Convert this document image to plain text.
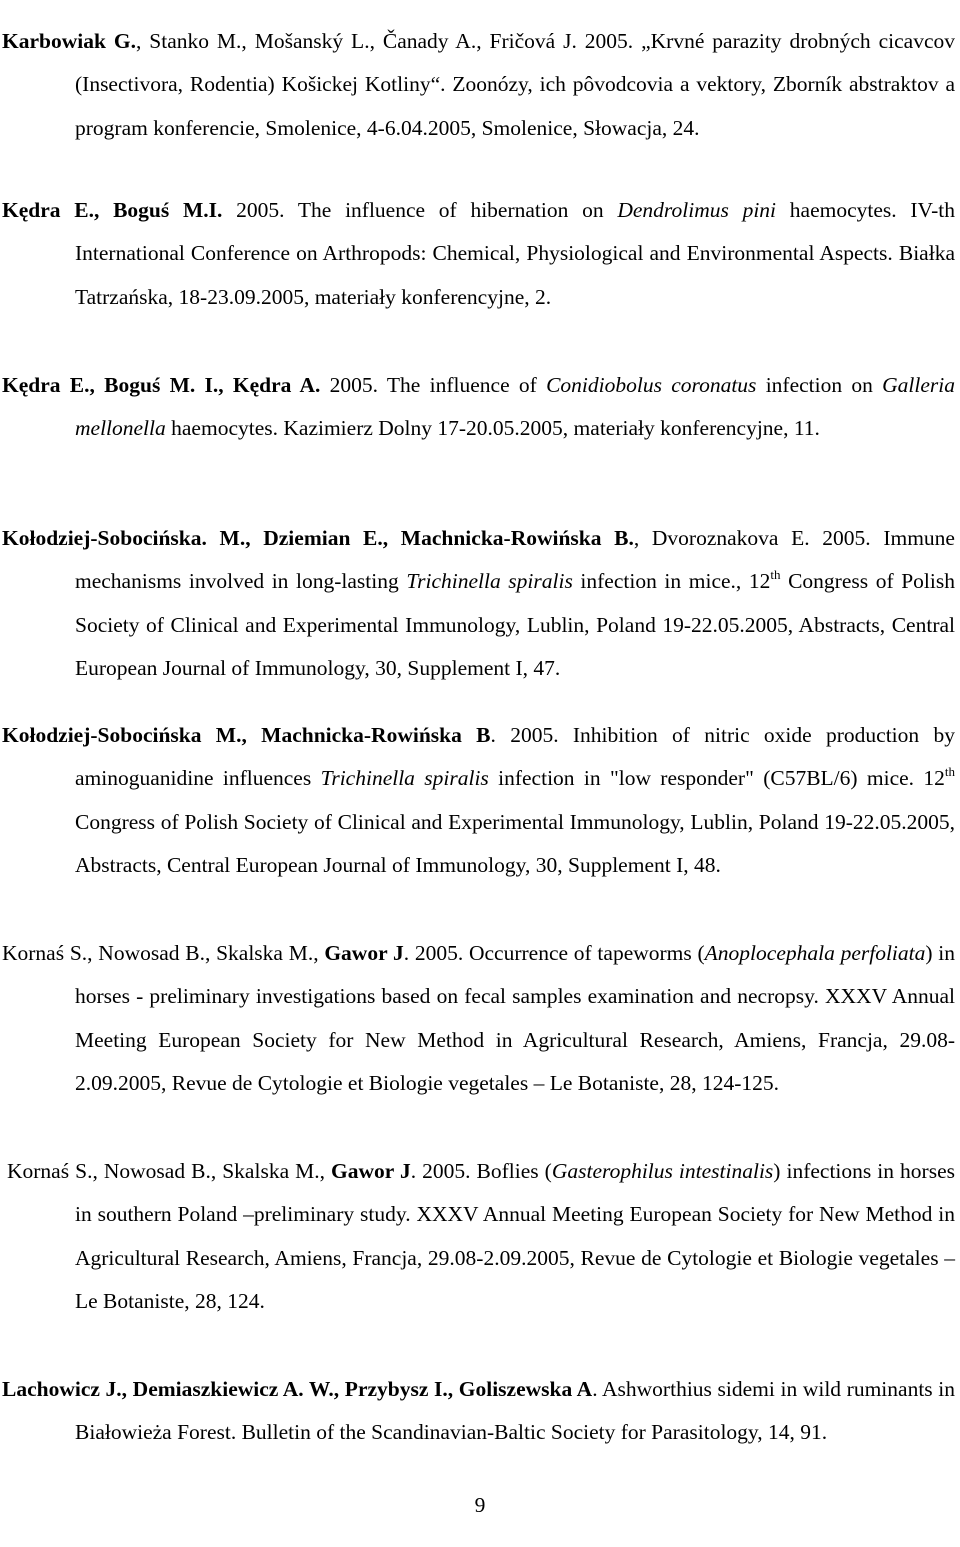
Karbowiak G., Stanko M., Mošanský L., Čanady A., Fričová J. 2005. „Krvné parazity drobných cicavcov (Insectivora, Rodentia) Košickej Kotliny“. Zoonózy, ich pôvodcovia a vektory, Zborník abstraktov a program konferencie, Smolenice, 4-6.04.2005, Smolenice, Słowacja, 24.

Kędra E., Boguś M.I. 2005. The influence of hibernation on Dendrolimus pini haemocytes. IV-th International Conference on Arthropods: Chemical, Physiological and Environmental Aspects. Białka Tatrzańska, 18-23.09.2005, materiały konferencyjne, 2.

Kędra E., Boguś M. I., Kędra A. 2005. The influence of Conidiobolus coronatus infection on Galleria mellonella haemocytes. Kazimierz Dolny 17-20.05.2005, materiały konferencyjne, 11.

Kołodziej-Sobocińska. M., Dziemian E., Machnicka-Rowińska B., Dvoroznakova E. 2005. Immune mechanisms involved in long-lasting Trichinella spiralis infection in mice., 12th Congress of Polish Society of Clinical and Experimental Immunology, Lublin, Poland 19-22.05.2005, Abstracts, Central European Journal of Immunology, 30, Supplement I, 47.

Kołodziej-Sobocińska M., Machnicka-Rowińska B. 2005. Inhibition of nitric oxide production by aminoguanidine influences Trichinella spiralis infection in "low responder" (C57BL/6) mice. 12th Congress of Polish Society of Clinical and Experimental Immunology, Lublin, Poland 19-22.05.2005, Abstracts, Central European Journal of Immunology, 30, Supplement I, 48.

Kornaś S., Nowosad B., Skalska M., Gawor J. 2005. Occurrence of tapeworms (Anoplocephala perfoliata) in horses - preliminary investigations based on fecal samples examination and necropsy. XXXV Annual Meeting European Society for New Method in Agricultural Research, Amiens, Francja, 29.08-2.09.2005, Revue de Cytologie et Biologie vegetales – Le Botaniste, 28, 124-125.

Kornaś S., Nowosad B., Skalska M., Gawor J. 2005. Boflies (Gasterophilus intestinalis) infections in horses in southern Poland –preliminary study. XXXV Annual Meeting European Society for New Method in Agricultural Research, Amiens, Francja, 29.08-2.09.2005, Revue de Cytologie et Biologie vegetales – Le Botaniste, 28, 124.

Lachowicz J., Demiaszkiewicz A. W., Przybysz I., Goliszewska A. Ashworthius sidemi in wild ruminants in Białowieża Forest. Bulletin of the Scandinavian-Baltic Society for Parasitology, 14, 91.

9
